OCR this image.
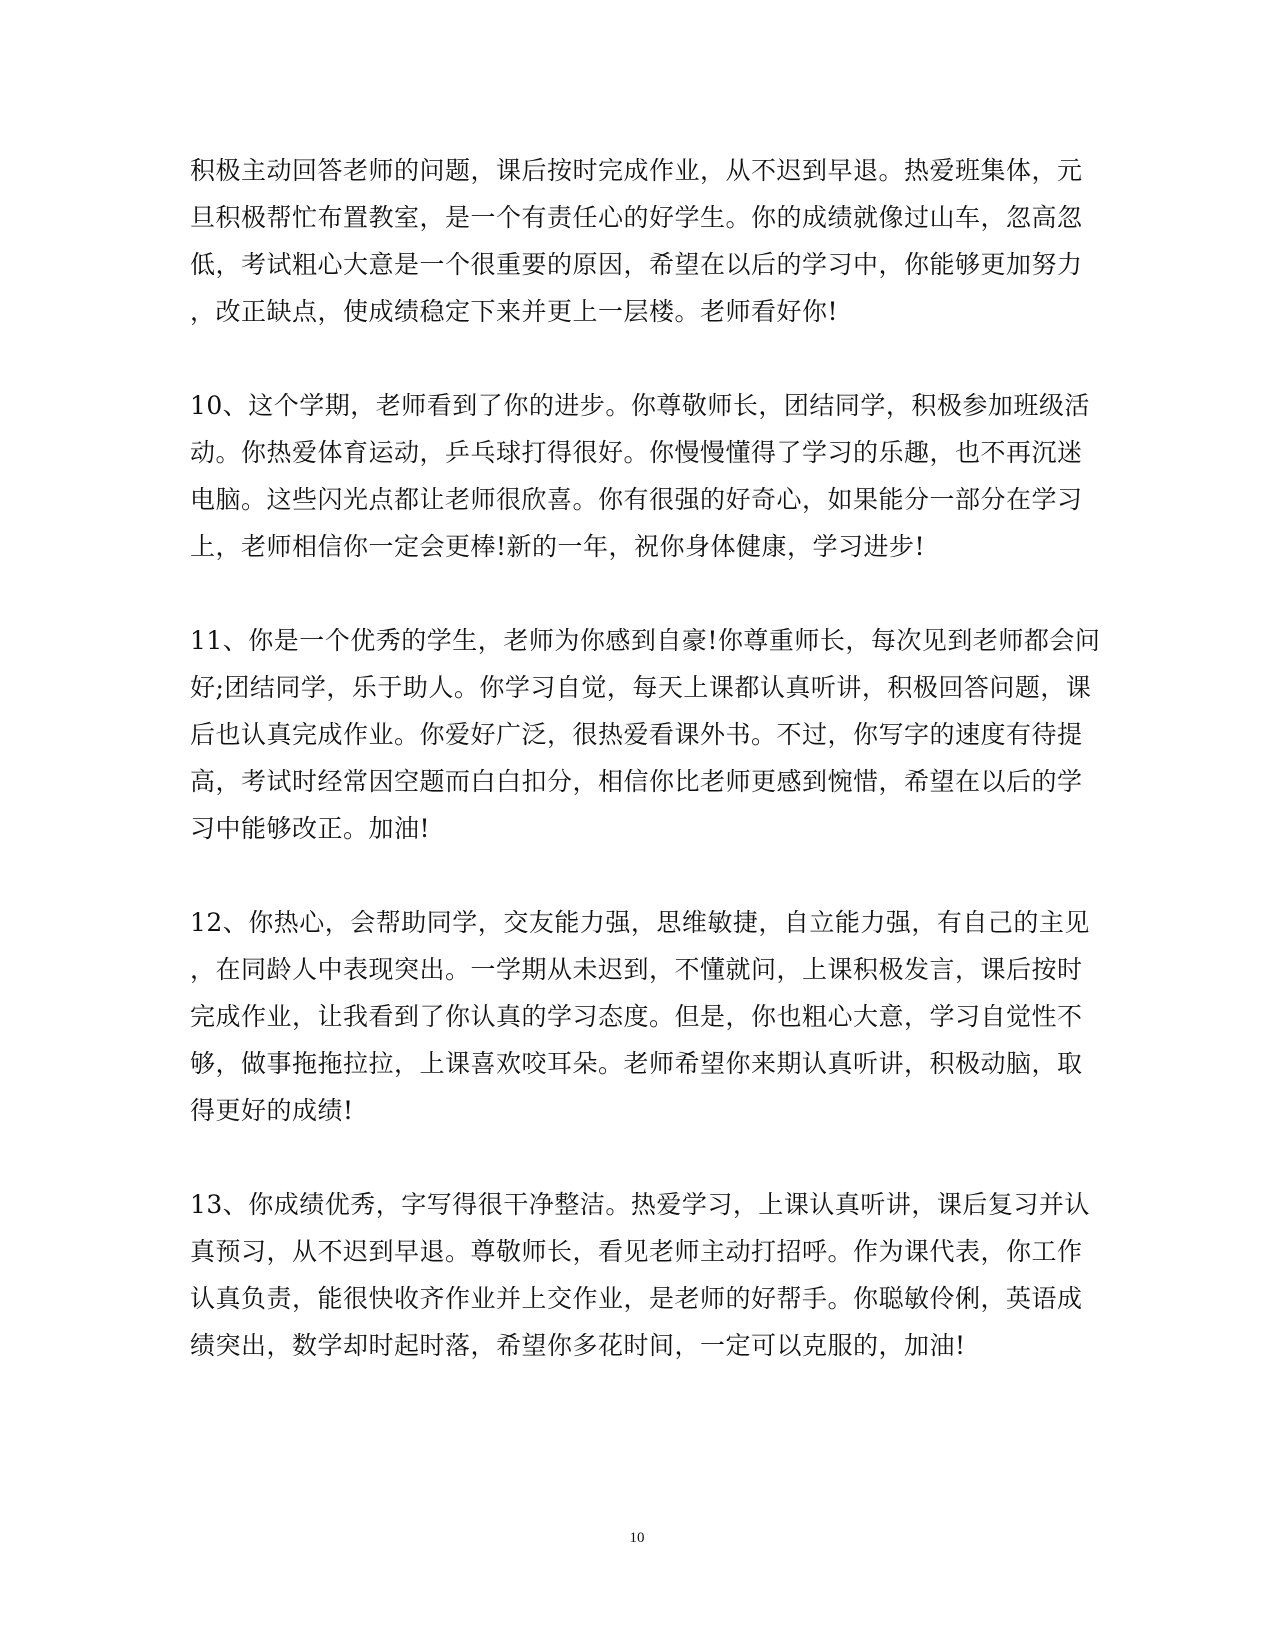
积极主动回答老师的问题，课后按时完成作业，从不迟到早退。热爱班集体，元
旦积极帮忙布置教室，是一个有责任心的好学生。你的成绩就像过山车，忽高忽
低，考试粗心大意是一个很重要的原因，希望在以后的学习中，你能够更加努力
，改正缺点，使成绩稳定下来并更上一层楼。老师看好你!
10、这个学期，老师看到了你的进步。你尊敬师长，团结同学，积极参加班级活
动。你热爱体育运动，乒乓球打得很好。你慢慢懂得了学习的乐趣，也不再沉迷
电脑。这些闪光点都让老师很欣喜。你有很强的好奇心，如果能分一部分在学习
上，老师相信你一定会更棒!新的一年，祝你身体健康，学习进步!
11、你是一个优秀的学生，老师为你感到自豪!你尊重师长，每次见到老师都会问
好;团结同学，乐于助人。你学习自觉，每天上课都认真听讲，积极回答问题，课
后也认真完成作业。你爱好广泛，很热爱看课外书。不过，你写字的速度有待提
高，考试时经常因空题而白白扣分，相信你比老师更感到惋惜，希望在以后的学
习中能够改正。加油!
12、你热心，会帮助同学，交友能力强，思维敏捷，自立能力强，有自己的主见
，在同龄人中表现突出。一学期从未迟到，不懂就问，上课积极发言，课后按时
完成作业，让我看到了你认真的学习态度。但是，你也粗心大意，学习自觉性不
够，做事拖拖拉拉，上课喜欢咬耳朵。老师希望你来期认真听讲，积极动脑，取
得更好的成绩!
13、你成绩优秀，字写得很干净整洁。热爱学习，上课认真听讲，课后复习并认
真预习，从不迟到早退。尊敬师长，看见老师主动打招呼。作为课代表，你工作
认真负责，能很快收齐作业并上交作业，是老师的好帮手。你聪敏伶俐，英语成
绩突出，数学却时起时落，希望你多花时间，一定可以克服的，加油!
10
